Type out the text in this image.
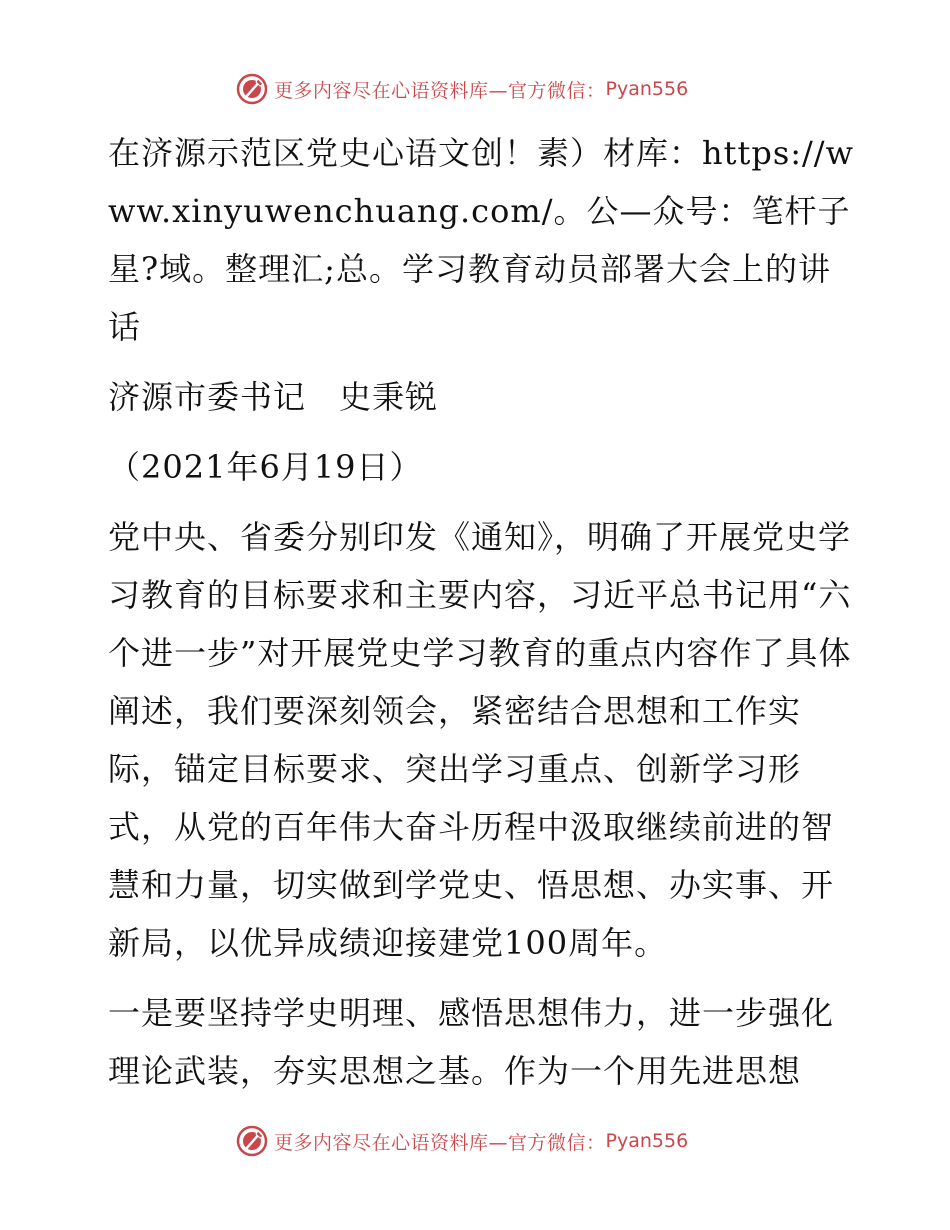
更多内容尽在心语资料库—官方微信： Pyan556

在济源示范区党史心语文创！素）材库：https://www.xinyuwenchuang.com/。公—众号：笔杆子星?域。整理汇;总。学习教育动员部署大会上的讲话

济源市委书记　史秉锐

（2021年6月19日）

党中央、省委分别印发《通知》，明确了开展党史学习教育的目标要求和主要内容，习近平总书记用“六个进一步”对开展党史学习教育的重点内容作了具体阐述，我们要深刻领会，紧密结合思想和工作实际，锚定目标要求、突出学习重点、创新学习形式，从党的百年伟大奋斗历程中汲取继续前进的智慧和力量，切实做到学党史、悟思想、办实事、开新局，以优异成绩迎接建党100周年。

一是要坚持学史明理、感悟思想伟力，进一步强化理论武装，夯实思想之基。作为一个用先进思想

更多内容尽在心语资料库—官方微信： Pyan556
